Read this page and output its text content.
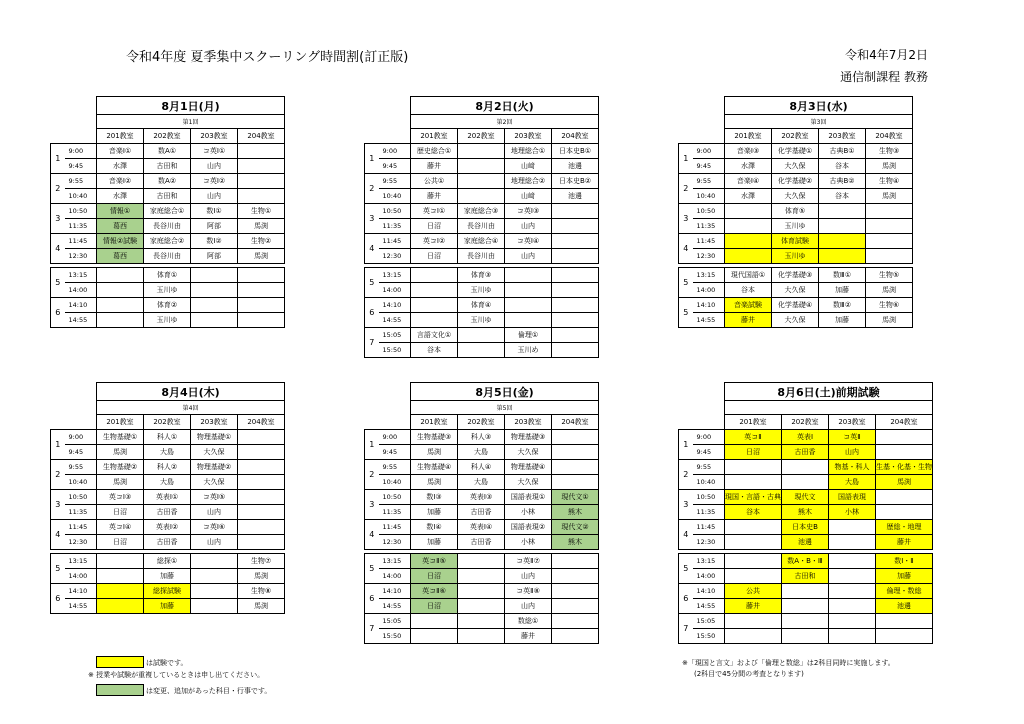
令和4年度 夏季集中スクーリング時間割(訂正版)	令和4年7月2日
通信制課程 教務
		8月1日(月)			
		第1回			
		201教室	202教室	203教室	204教室
1	9:00	音楽Ⅰ①	数A①	コ英Ⅰ①	
	9:45	水澤	古田和	山内	
2	9:55	音楽Ⅰ②	数A②	コ英Ⅰ②	
	10:40	水澤	古田和	山内	
3	10:50	情報①	家庭総合①	数Ⅰ①	生物①
	11:35	葛西	長谷川由	阿部	馬渕
4	11:45	情報②試験	家庭総合②	数Ⅰ②	生物②
	12:30	葛西	長谷川由	阿部	馬渕

5	13:15		体育①		
	14:00		玉川ゆ		
6	14:10		体育②		
	14:55		玉川ゆ		
		8月2日(火)			
		第2回			
		201教室	202教室	203教室	204教室
1	9:00	歴史総合①		地理総合①	日本史B①
	9:45	藤井		山﨑	池邊
2	9:55	公共①		地理総合②	日本史B②
	10:40	藤井		山﨑	池邊
3	10:50	英コⅠ①	家庭総合③	コ英Ⅰ③	
	11:35	日沼	長谷川由	山内	
4	11:45	英コⅠ②	家庭総合④	コ英Ⅰ④	
	12:30	日沼	長谷川由	山内	

5	13:15		体育③		
	14:00		玉川ゆ		
6	14:10		体育④		
	14:55		玉川ゆ		
7	15:05	言語文化①		倫理①	
	15:50	谷本		玉川め	
		8月3日(水)			
		第3回			
		201教室	202教室	203教室	204教室
1	9:00	音楽Ⅰ③	化学基礎①	古典B①	生物③
	9:45	水澤	大久保	谷本	馬渕
2	9:55	音楽Ⅰ④	化学基礎②	古典B②	生物④
	10:40	水澤	大久保	谷本	馬渕
3	10:50		体育⑤		
	11:35		玉川ゆ		
4	11:45		体育試験		
	12:30		玉川ゆ		

5	13:15	現代国語①	化学基礎③	数Ⅲ①	生物⑤
	14:00	谷本	大久保	加藤	馬渕
5	14:10	音楽試験	化学基礎④	数Ⅲ②	生物⑥
	14:55	藤井	大久保	加藤	馬渕
		8月4日(木)			
		第4回			
		201教室	202教室	203教室	204教室
1	9:00	生物基礎①	科人①	物理基礎①	
	9:45	馬渕	大島	大久保	
2	9:55	生物基礎②	科人②	物理基礎②	
	10:40	馬渕	大島	大久保	
3	10:50	英コⅠ③	英表Ⅰ①	コ英Ⅰ⑤	
	11:35	日沼	古田香	山内	
4	11:45	英コⅠ④	英表Ⅰ②	コ英Ⅰ⑥	
	12:30	日沼	古田香	山内	

5	13:15		総探①		生物⑦
	14:00		加藤		馬渕
6	14:10		総探試験		生物⑧
	14:55		加藤		馬渕
		8月5日(金)			
		第5回			
		201教室	202教室	203教室	204教室
1	9:00	生物基礎③	科人③	物理基礎③	
	9:45	馬渕	大島	大久保	
2	9:55	生物基礎④	科人④	物理基礎④	
	10:40	馬渕	大島	大久保	
3	10:50	数Ⅰ③	英表Ⅰ③	国語表現①	現代文①
	11:35	加藤	古田香	小林	熊木
4	11:45	数Ⅰ④	英表Ⅰ④	国語表現②	現代文②
	12:30	加藤	古田香	小林	熊木

5	13:15	英コⅡ⑤		コ英Ⅱ⑦	
	14:00	日沼		山内	
6	14:10	英コⅡ⑥		コ英Ⅱ⑧	
	14:55	日沼		山内	
7	15:05			数総①	
	15:50			藤井	
		8月6日(土)前期試験			

		201教室	202教室	203教室	204教室
1	9:00	英コⅡ	英表Ⅰ	コ英Ⅱ	
	9:45	日沼	古田香	山内	
2	9:55			物基・科人	生基・化基・生物
	10:40			大島	馬渕
3	10:50	現国・言語・古典	現代文	国語表現	
	11:35	谷本	熊木	小林	
4	11:45		日本史B		歴総・地理
	12:30		池邊		藤井

5	13:15		数A・B・Ⅲ		数Ⅰ・Ⅱ
	14:00		古田和		加藤
6	14:10	公共			倫理・数総
	14:55	藤井			池邊
7	15:05				
	15:50				
は試験です。
※ 授業や試験が重複しているときは申し出てください。
は変更、追加があった科目・行事です。
※「現国と言文」および「倫理と数総」は2科目同時に実施します。
(2科目で45分間の考査となります)
